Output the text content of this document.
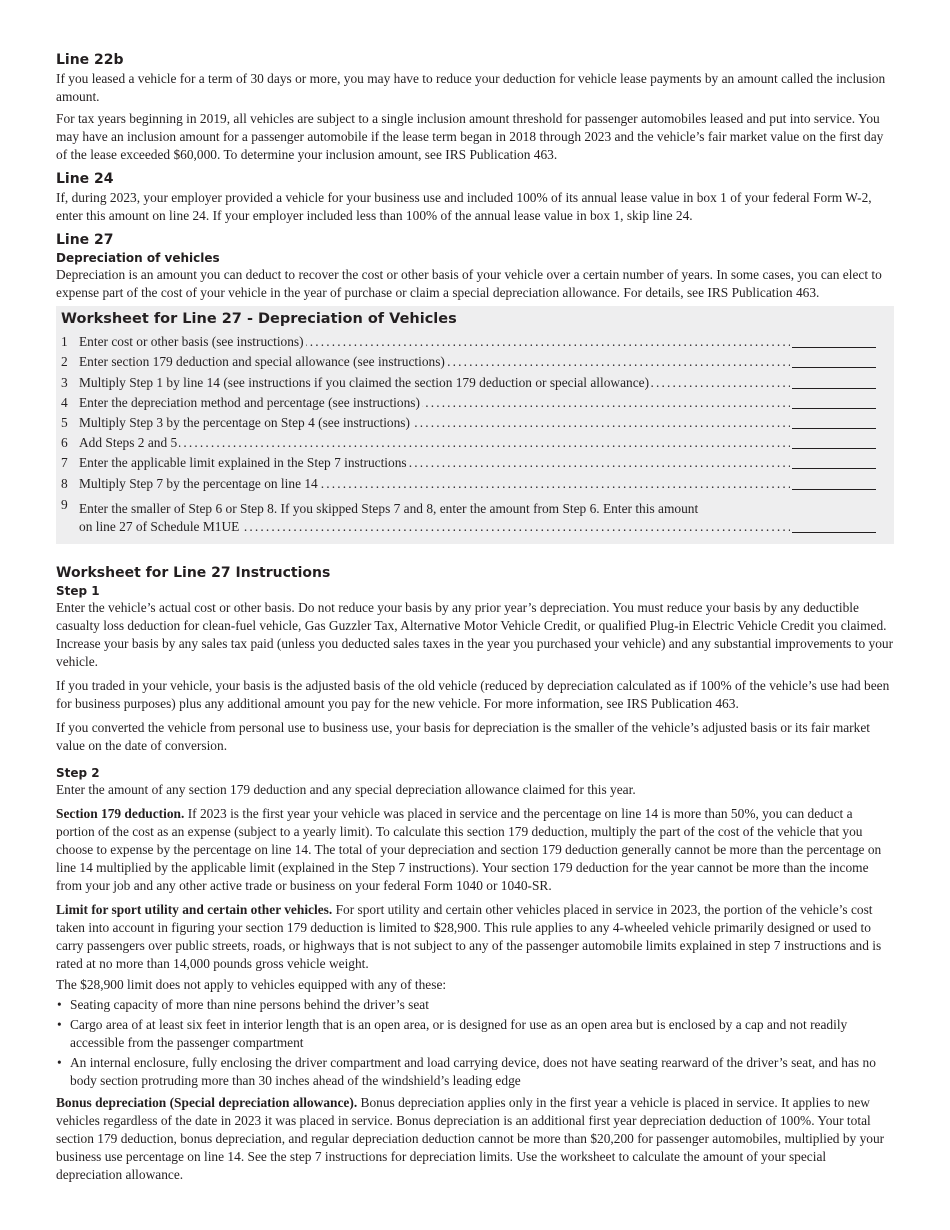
Line 22b

If you leased a vehicle for a term of 30 days or more, you may have to reduce your deduction for vehicle lease payments by an amount called the inclusion amount.

For tax years beginning in 2019, all vehicles are subject to a single inclusion amount threshold for passenger automobiles leased and put into service. You may have an inclusion amount for a passenger automobile if the lease term began in 2018 through 2023 and the vehicle’s fair market value on the first day of the lease exceeded $60,000. To determine your inclusion amount, see IRS Publication 463.

Line 24

If, during 2023, your employer provided a vehicle for your business use and included 100% of its annual lease value in box 1 of your federal Form W-2, enter this amount on line 24. If your employer included less than 100% of the annual lease value in box 1, skip line 24.

Line 27
Depreciation of vehicles

Depreciation is an amount you can deduct to recover the cost or other basis of your vehicle over a certain number of years. In some cases, you can elect to expense part of the cost of your vehicle in the year of purchase or claim a special depreciation allowance. For details, see IRS Publication 463.

Worksheet for Line 27 - Depreciation of Vehicles
1 Enter cost or other basis (see instructions) . . .
2 Enter section 179 deduction and special allowance (see instructions) . . .
3 Multiply Step 1 by line 14 (see instructions if you claimed the section 179 deduction or special allowance) . . .
4 Enter the depreciation method and percentage (see instructions) . . .
5 Multiply Step 3 by the percentage on Step 4 (see instructions) . . .
6 Add Steps 2 and 5 . . .
7 Enter the applicable limit explained in the Step 7 instructions . . .
8 Multiply Step 7 by the percentage on line 14 . . .
9 Enter the smaller of Step 6 or Step 8. If you skipped Steps 7 and 8, enter the amount from Step 6. Enter this amount
on line 27 of Schedule M1UE . . .
Worksheet for Line 27 Instructions
Step 1

Enter the vehicle’s actual cost or other basis. Do not reduce your basis by any prior year’s depreciation. You must reduce your basis by any deductible casualty loss deduction for clean-fuel vehicle, Gas Guzzler Tax, Alternative Motor Vehicle Credit, or qualified Plug-in Electric Vehicle Credit you claimed. Increase your basis by any sales tax paid (unless you deducted sales taxes in the year you purchased your vehicle) and any substantial improvements to your vehicle.

If you traded in your vehicle, your basis is the adjusted basis of the old vehicle (reduced by depreciation calculated as if 100% of the vehicle’s use had been for business purposes) plus any additional amount you pay for the new vehicle. For more information, see IRS Publication 463.

If you converted the vehicle from personal use to business use, your basis for depreciation is the smaller of the vehicle’s adjusted basis or its fair market value on the date of conversion.

Step 2

Enter the amount of any section 179 deduction and any special depreciation allowance claimed for this year.

Section 179 deduction. If 2023 is the first year your vehicle was placed in service and the percentage on line 14 is more than 50%, you can deduct a portion of the cost as an expense (subject to a yearly limit). To calculate this section 179 deduction, multiply the part of the cost of the vehicle that you choose to expense by the percentage on line 14. The total of your depreciation and section 179 deduction generally cannot be more than the percentage on line 14 multiplied by the applicable limit (explained in the Step 7 instructions). Your section 179 deduction for the year cannot be more than the income from your job and any other active trade or business on your federal Form 1040 or 1040-SR.

Limit for sport utility and certain other vehicles. For sport utility and certain other vehicles placed in service in 2023, the portion of the vehicle’s cost taken into account in figuring your section 179 deduction is limited to $28,900. This rule applies to any 4-wheeled vehicle primarily designed or used to carry passengers over public streets, roads, or highways that is not subject to any of the passenger automobile limits explained in step 7 instructions and is rated at no more than 14,000 pounds gross vehicle weight.

The $28,900 limit does not apply to vehicles equipped with any of these:

• Seating capacity of more than nine persons behind the driver’s seat
• Cargo area of at least six feet in interior length that is an open area, or is designed for use as an open area but is enclosed by a cap and not readily accessible from the passenger compartment
• An internal enclosure, fully enclosing the driver compartment and load carrying device, does not have seating rearward of the driver’s seat, and has no body section protruding more than 30 inches ahead of the windshield’s leading edge

Bonus depreciation (Special depreciation allowance). Bonus depreciation applies only in the first year a vehicle is placed in service. It applies to new vehicles regardless of the date in 2023 it was placed in service. Bonus depreciation is an additional first year depreciation deduction of 100%. Your total section 179 deduction, bonus depreciation, and regular depreciation deduction cannot be more than $20,200 for passenger automobiles, multiplied by your business use percentage on line 14. See the step 7 instructions for depreciation limits. Use the worksheet to calculate the amount of your special depreciation allowance.
